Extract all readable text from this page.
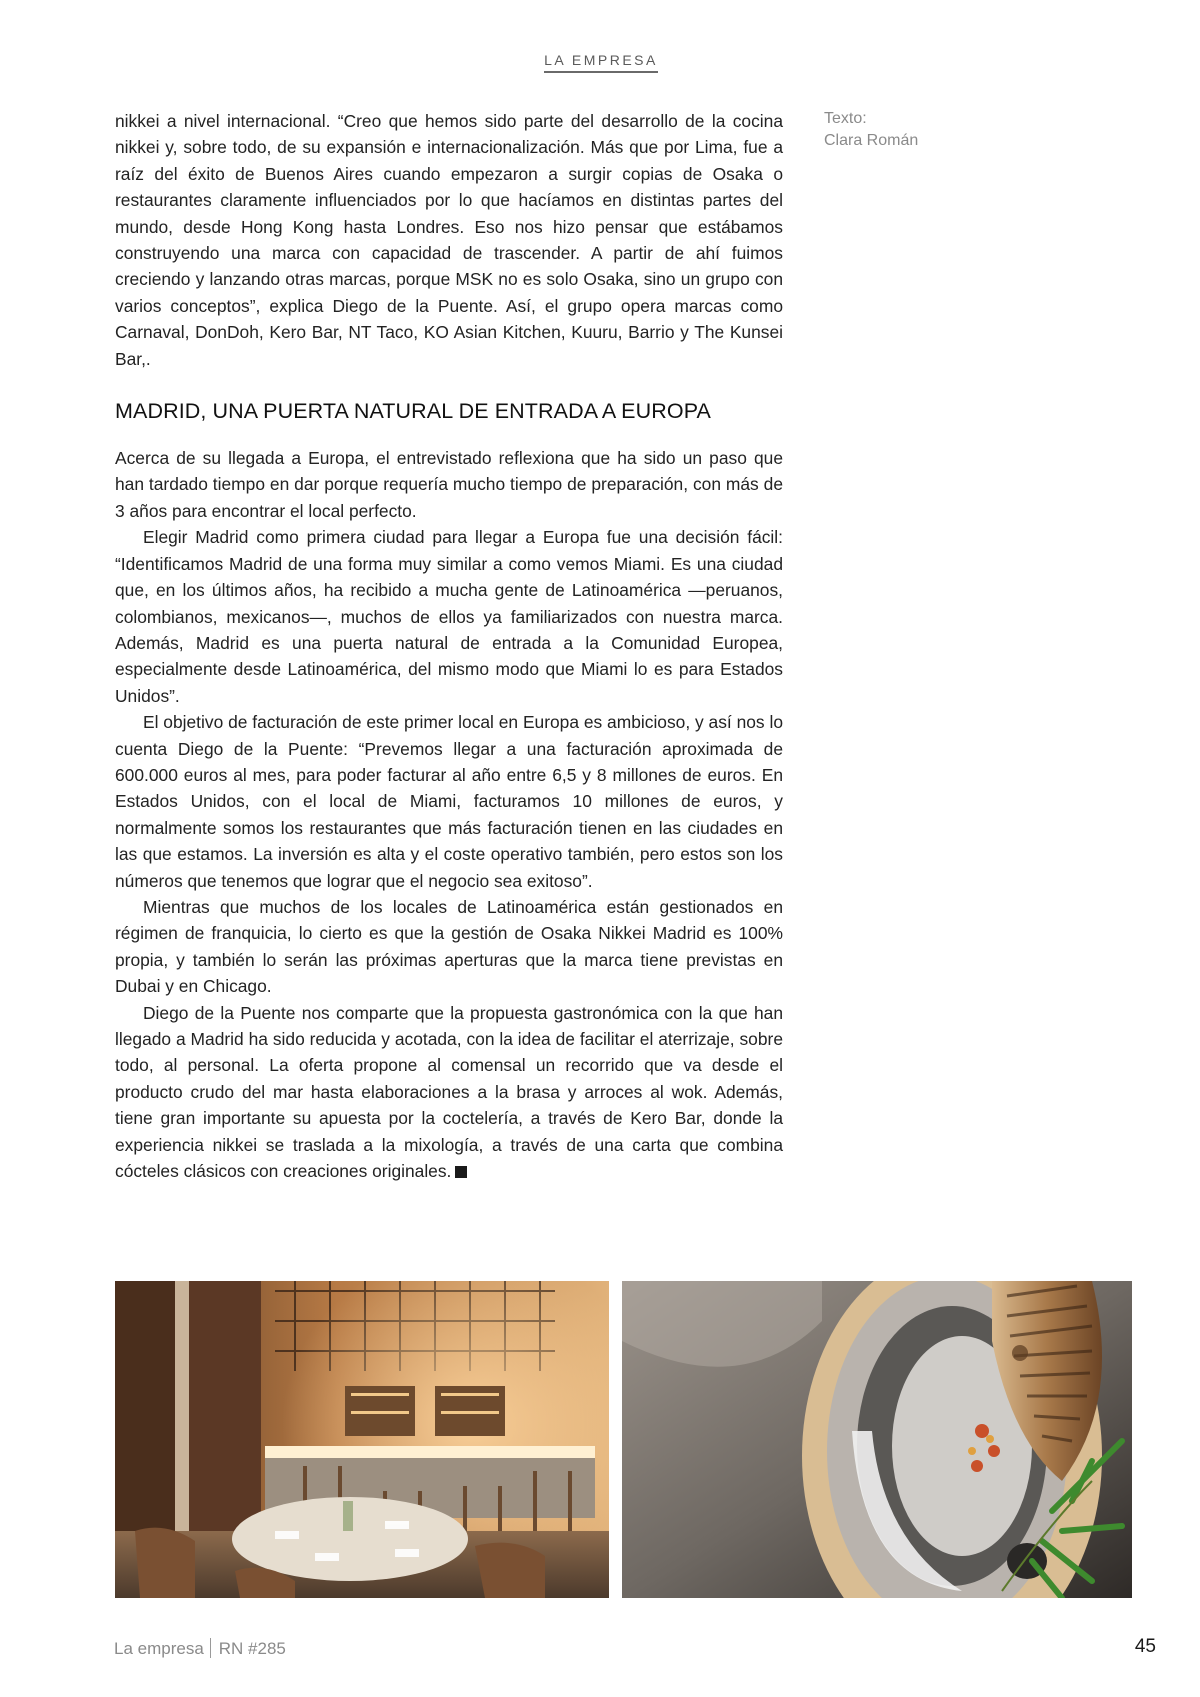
LA EMPRESA
Texto:
Clara Román

nikkei a nivel internacional. “Creo que hemos sido parte del desarrollo de la cocina nikkei y, sobre todo, de su expansión e internacionalización. Más que por Lima, fue a raíz del éxito de Buenos Aires cuando empezaron a surgir copias de Osaka o restaurantes claramente influenciados por lo que hacíamos en distintas partes del mundo, desde Hong Kong hasta Londres. Eso nos hizo pensar que estábamos construyendo una marca con capacidad de trascender. A partir de ahí fuimos creciendo y lanzando otras marcas, porque MSK no es solo Osaka, sino un grupo con varios conceptos”, explica Diego de la Puente. Así, el grupo opera marcas como Carnaval, DonDoh, Kero Bar, NT Taco, KO Asian Kitchen, Kuuru, Barrio y The Kunsei Bar,.

MADRID, UNA PUERTA NATURAL DE ENTRADA A EUROPA

Acerca de su llegada a Europa, el entrevistado reflexiona que ha sido un paso que han tardado tiempo en dar porque requería mucho tiempo de preparación, con más de 3 años para encontrar el local perfecto.

Elegir Madrid como primera ciudad para llegar a Europa fue una decisión fácil: “Identificamos Madrid de una forma muy similar a como vemos Miami. Es una ciudad que, en los últimos años, ha recibido a mucha gente de Latinoamérica —peruanos, colombianos, mexicanos—, muchos de ellos ya familiarizados con nuestra marca. Además, Madrid es una puerta natural de entrada a la Comunidad Europea, especialmente desde Latinoamérica, del mismo modo que Miami lo es para Estados Unidos”.

El objetivo de facturación de este primer local en Europa es ambicioso, y así nos lo cuenta Diego de la Puente: “Prevemos llegar a una facturación aproximada de 600.000 euros al mes, para poder facturar al año entre 6,5 y 8 millones de euros. En Estados Unidos, con el local de Miami, facturamos 10 millones de euros, y normalmente somos los restaurantes que más facturación tienen en las ciudades en las que estamos. La inversión es alta y el coste operativo también, pero estos son los números que tenemos que lograr que el negocio sea exitoso”.

Mientras que muchos de los locales de Latinoamérica están gestionados en régimen de franquicia, lo cierto es que la gestión de Osaka Nikkei Madrid es 100% propia, y también lo serán las próximas aperturas que la marca tiene previstas en Dubai y en Chicago.

Diego de la Puente nos comparte que la propuesta gastronómica con la que han llegado a Madrid ha sido reducida y acotada, con la idea de facilitar el aterrizaje, sobre todo, al personal. La oferta propone al comensal un recorrido que va desde el producto crudo del mar hasta elaboraciones a la brasa y arroces al wok. Además, tiene gran importante su apuesta por la coctelería, a través de Kero Bar, donde la experiencia nikkei se traslada a la mixología, a través de una carta que combina cócteles clásicos con creaciones originales.

La empresa RN #285	45
